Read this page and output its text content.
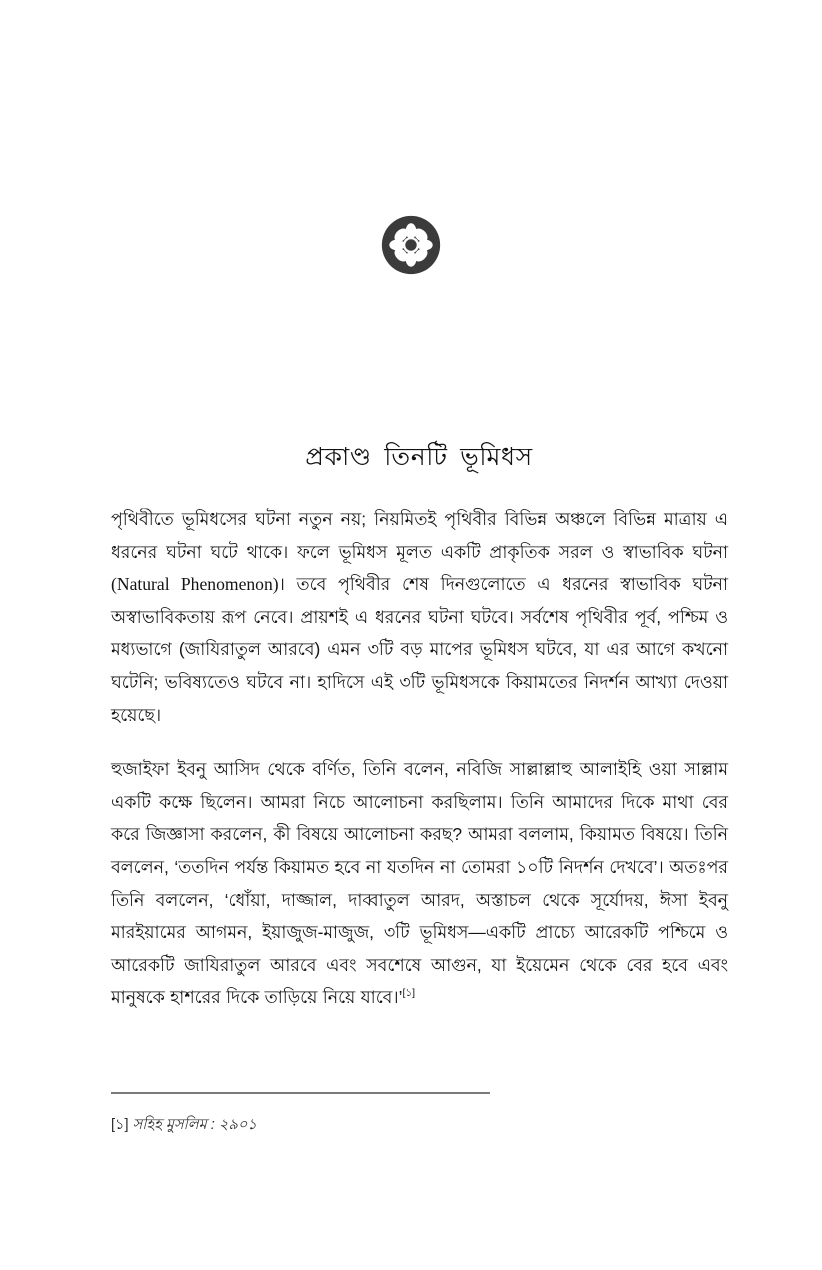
প্রকাণ্ড তিনটি ভূমিধস

পৃথিবীতে ভূমিধসের ঘটনা নতুন নয়; নিয়মিতই পৃথিবীর বিভিন্ন অঞ্চলে বিভিন্ন মাত্রায় এ ধরনের ঘটনা ঘটে থাকে। ফলে ভূমিধস মূলত একটি প্রাকৃতিক সরল ও স্বাভাবিক ঘটনা (Natural Phenomenon)। তবে পৃথিবীর শেষ দিনগুলোতে এ ধরনের স্বাভাবিক ঘটনা অস্বাভাবিকতায় রূপ নেবে। প্রায়শই এ ধরনের ঘটনা ঘটবে। সর্বশেষ পৃথিবীর পূর্ব, পশ্চিম ও মধ্যভাগে (জাযিরাতুল আরবে) এমন ৩টি বড় মাপের ভূমিধস ঘটবে, যা এর আগে কখনো ঘটেনি; ভবিষ্যতেও ঘটবে না। হাদিসে এই ৩টি ভূমিধসকে কিয়ামতের নিদর্শন আখ্যা দেওয়া হয়েছে।

হুজাইফা ইবনু আসিদ থেকে বর্ণিত, তিনি বলেন, নবিজি সাল্লাল্লাহু আলাইহি ওয়া সাল্লাম একটি কক্ষে ছিলেন। আমরা নিচে আলোচনা করছিলাম। তিনি আমাদের দিকে মাথা বের করে জিজ্ঞাসা করলেন, কী বিষয়ে আলোচনা করছ? আমরা বললাম, কিয়ামত বিষয়ে। তিনি বললেন, ‘ততদিন পর্যন্ত কিয়ামত হবে না যতদিন না তোমরা ১০টি নিদর্শন দেখবে’। অতঃপর তিনি বললেন, ‘ধোঁয়া, দাজ্জাল, দাব্বাতুল আরদ, অস্তাচল থেকে সূর্যোদয়, ঈসা ইবনু মারইয়ামের আগমন, ইয়াজুজ-মাজুজ, ৩টি ভূমিধস—একটি প্রাচ্যে আরেকটি পশ্চিমে ও আরেকটি জাযিরাতুল আরবে এবং সবশেষে আগুন, যা ইয়েমেন থেকে বের হবে এবং মানুষকে হাশরের দিকে তাড়িয়ে নিয়ে যাবে।’[১]

[১] সহিহ মুসলিম : ২৯০১
